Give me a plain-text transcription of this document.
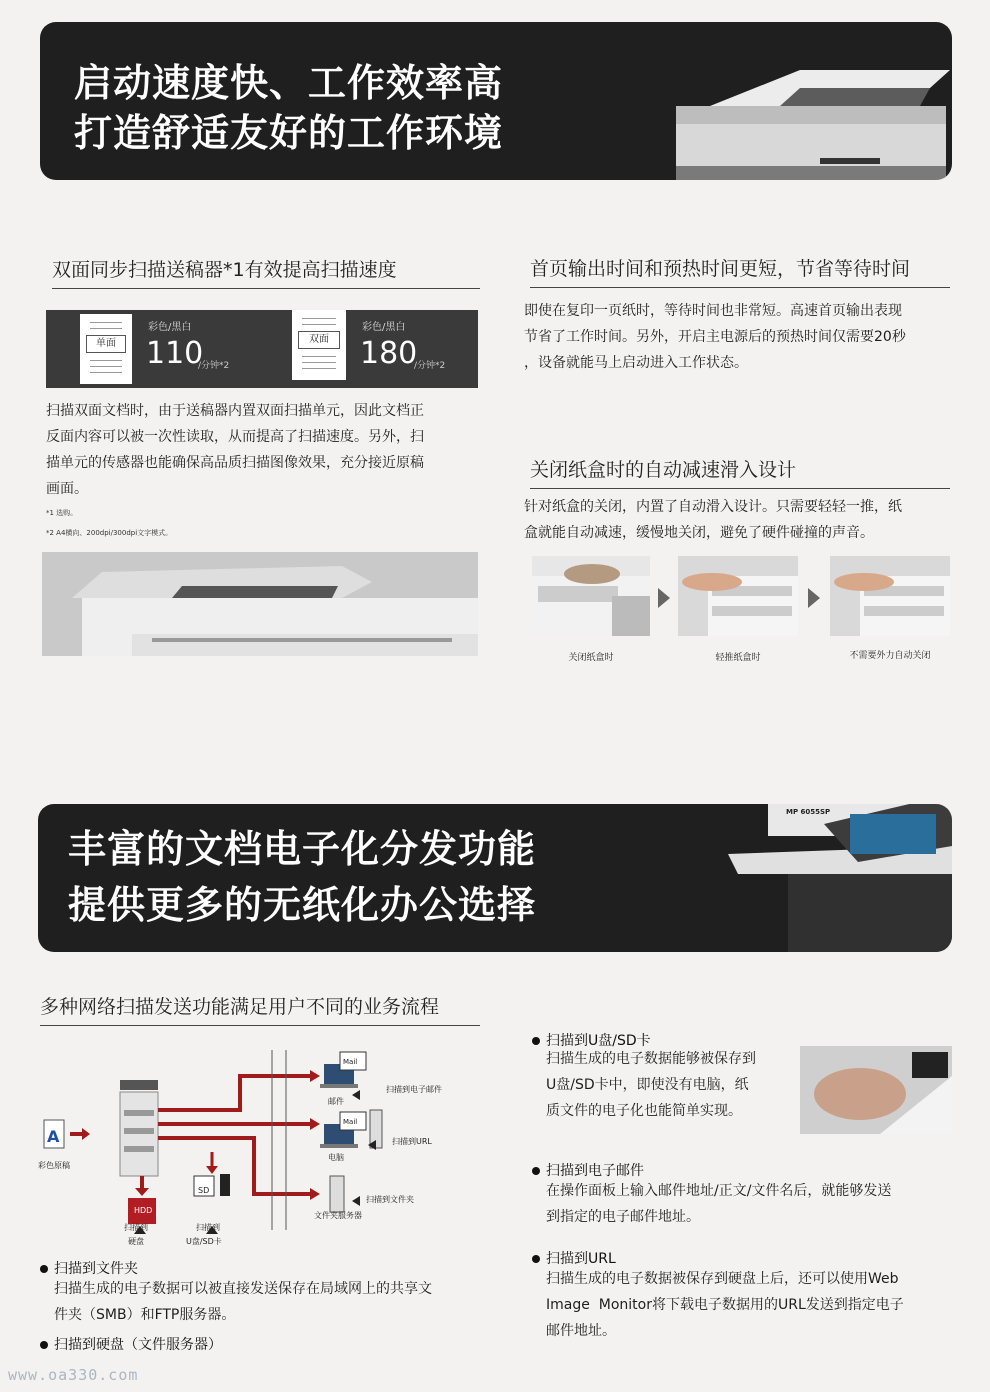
启动速度快、工作效率高
打造舒适友好的工作环境
双面同步扫描送稿器*1有效提高扫描速度
单面
彩色/黑白
110
/分钟*2
双面
彩色/黑白
180
/分钟*2
扫描双面文档时，由于送稿器内置双面扫描单元，因此文档正
反面内容可以被一次性读取，从而提高了扫描速度。另外，扫
描单元的传感器也能确保高品质扫描图像效果，充分接近原稿
画面。
*1 选购。
*2 A4横向、200dpi/300dpi文字模式。
首页输出时间和预热时间更短，节省等待时间
即使在复印一页纸时，等待时间也非常短。高速首页输出表现
节省了工作时间。另外，开启主电源后的预热时间仅需要20秒
，设备就能马上启动进入工作状态。
关闭纸盒时的自动减速滑入设计
针对纸盒的关闭，内置了自动滑入设计。只需要轻轻一推，纸
盒就能自动减速，缓慢地关闭，避免了硬件碰撞的声音。
关闭纸盒时	轻推纸盒时	不需要外力自动关闭
丰富的文档电子化分发功能
提供更多的无纸化办公选择
MP 6055SP
多种网络扫描发送功能满足用户不同的业务流程
A
彩色原稿
Mail
Mail
扫描到电子邮件
邮件
扫描到URL
电脑
扫描到文件夹
文件夹服务器
HDD
SD
扫描到
硬盘
扫描到
U盘/SD卡
扫描到文件夹
扫描生成的电子数据可以被直接发送保存在局域网上的共享文
件夹（SMB）和FTP服务器。
扫描到硬盘（文件服务器）
扫描到U盘/SD卡
扫描生成的电子数据能够被保存到
U盘/SD卡中，即使没有电脑，纸
质文件的电子化也能简单实现。
扫描到电子邮件
在操作面板上输入邮件地址/正文/文件名后，就能够发送
到指定的电子邮件地址。
扫描到URL
扫描生成的电子数据被保存到硬盘上后，还可以使用Web
Image  Monitor将下载电子数据用的URL发送到指定电子
邮件地址。
www.oa330.com
